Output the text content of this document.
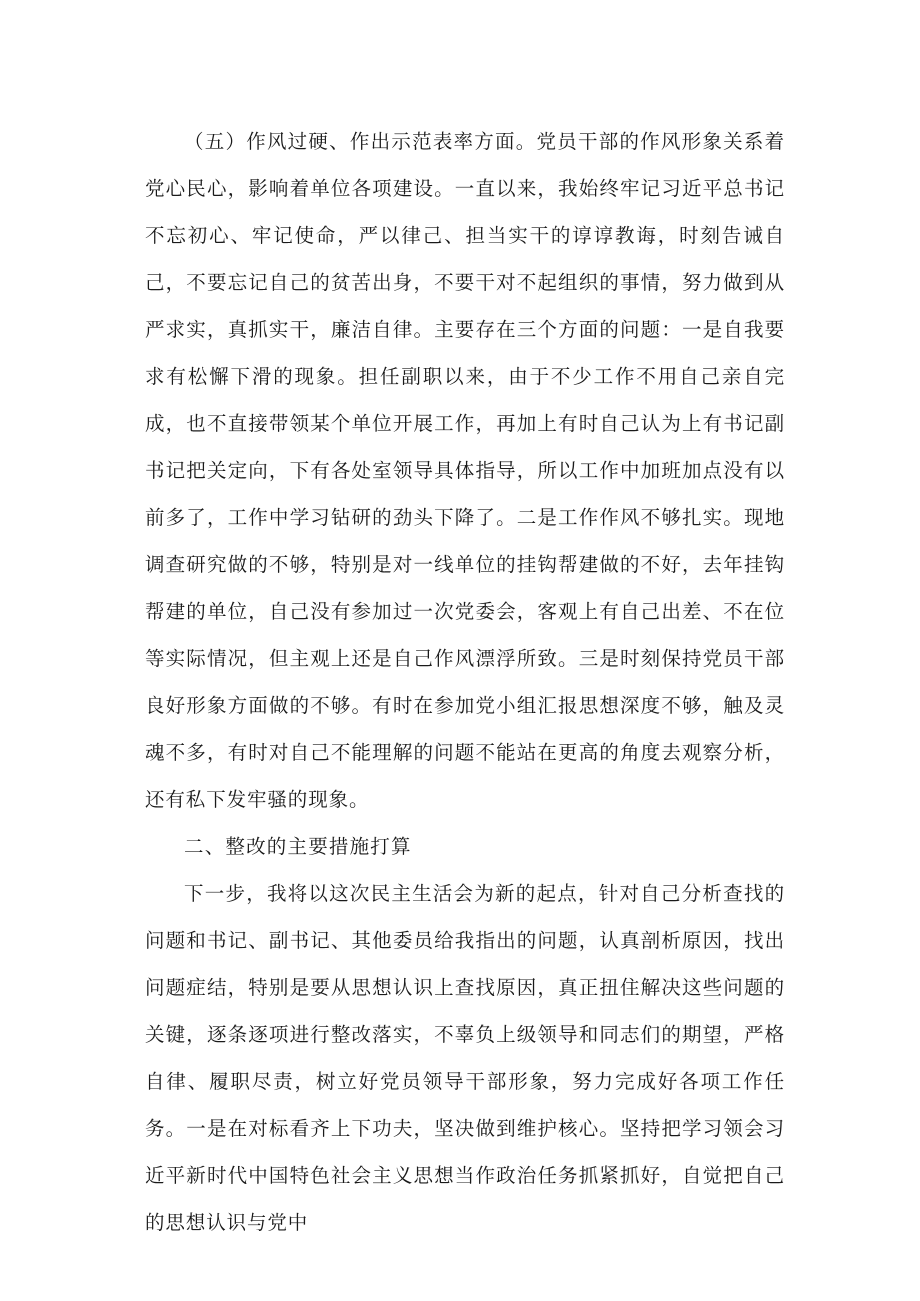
（五）作风过硬、作出示范表率方面。党员干部的作风形象关系着党心民心，影响着单位各项建设。一直以来，我始终牢记习近平总书记不忘初心、牢记使命，严以律己、担当实干的谆谆教诲，时刻告诫自己，不要忘记自己的贫苦出身，不要干对不起组织的事情，努力做到从严求实，真抓实干，廉洁自律。主要存在三个方面的问题：一是自我要求有松懈下滑的现象。担任副职以来，由于不少工作不用自己亲自完成，也不直接带领某个单位开展工作，再加上有时自己认为上有书记副书记把关定向，下有各处室领导具体指导，所以工作中加班加点没有以前多了，工作中学习钻研的劲头下降了。二是工作作风不够扎实。现地调查研究做的不够，特别是对一线单位的挂钩帮建做的不好，去年挂钩帮建的单位，自己没有参加过一次党委会，客观上有自己出差、不在位等实际情况，但主观上还是自己作风漂浮所致。三是时刻保持党员干部良好形象方面做的不够。有时在参加党小组汇报思想深度不够，触及灵魂不多，有时对自己不能理解的问题不能站在更高的角度去观察分析，还有私下发牢骚的现象。

二、整改的主要措施打算

下一步，我将以这次民主生活会为新的起点，针对自己分析查找的问题和书记、副书记、其他委员给我指出的问题，认真剖析原因，找出问题症结，特别是要从思想认识上查找原因，真正扭住解决这些问题的关键，逐条逐项进行整改落实，不辜负上级领导和同志们的期望，严格自律、履职尽责，树立好党员领导干部形象，努力完成好各项工作任务。一是在对标看齐上下功夫，坚决做到维护核心。坚持把学习领会习近平新时代中国特色社会主义思想当作政治任务抓紧抓好，自觉把自己的思想认识与党中
